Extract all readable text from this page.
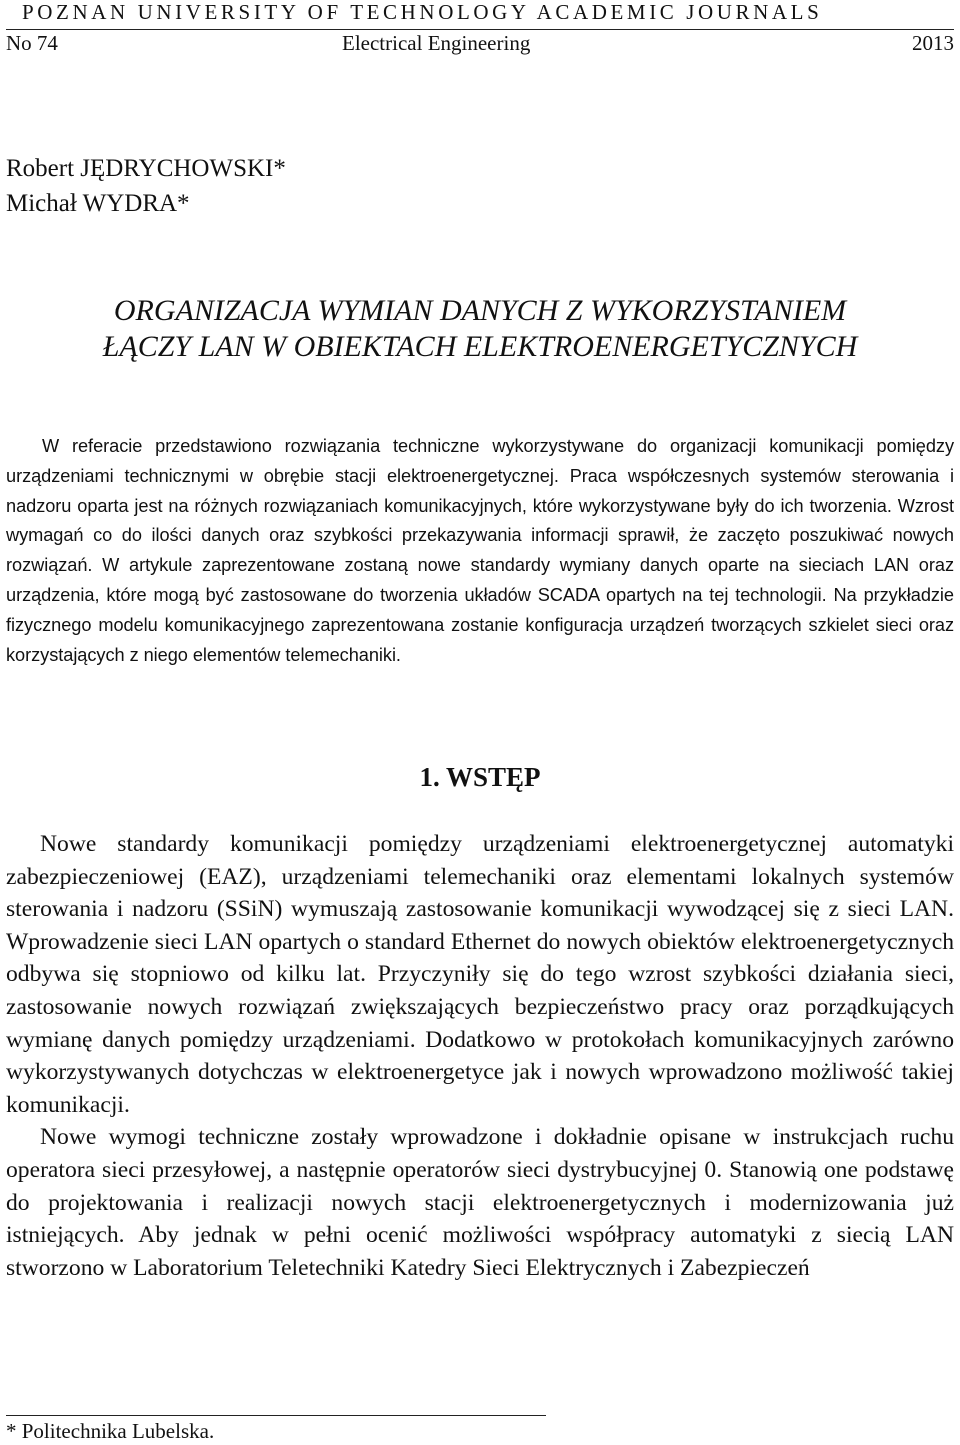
POZNAN UNIVERSITY OF TECHNOLOGY ACADEMIC JOURNALS
No 74	Electrical Engineering	2013
Robert JĘDRYCHOWSKI*
Michał WYDRA*
ORGANIZACJA WYMIAN DANYCH Z WYKORZYSTANIEM
ŁĄCZY LAN W OBIEKTACH ELEKTROENERGETYCZNYCH
W referacie przedstawiono rozwiązania techniczne wykorzystywane do organizacji komunikacji pomiędzy urządzeniami technicznymi w obrębie stacji elektroenergetycznej. Praca współczesnych systemów sterowania i nadzoru oparta jest na różnych rozwiązaniach komunikacyjnych, które wykorzystywane były do ich tworzenia. Wzrost wymagań co do ilości danych oraz szybkości przekazywania informacji sprawił, że zaczęto poszukiwać nowych rozwiązań. W artykule zaprezentowane zostaną nowe standardy wymiany danych oparte na sieciach LAN oraz urządzenia, które mogą być zastosowane do tworzenia układów SCADA opartych na tej technologii. Na przykładzie fizycznego modelu komunikacyjnego zaprezentowana zostanie konfiguracja urządzeń tworzących szkielet sieci oraz korzystających z niego elementów telemechaniki.
1. WSTĘP

Nowe standardy komunikacji pomiędzy urządzeniami elektroenergetycznej automatyki zabezpieczeniowej (EAZ), urządzeniami telemechaniki oraz elementami lokalnych systemów sterowania i nadzoru (SSiN) wymuszają zastosowanie komunikacji wywodzącej się z sieci LAN. Wprowadzenie sieci LAN opartych o standard Ethernet do nowych obiektów elektroenergetycznych odbywa się stopniowo od kilku lat. Przyczyniły się do tego wzrost szybkości działania sieci, zastosowanie nowych rozwiązań zwiększających bezpieczeństwo pracy oraz porządkujących wymianę danych pomiędzy urządzeniami. Dodatkowo w protokołach komunikacyjnych zarówno wykorzystywanych dotychczas w elektroenergetyce jak i nowych wprowadzono możliwość takiej komunikacji.

Nowe wymogi techniczne zostały wprowadzone i dokładnie opisane w instrukcjach ruchu operatora sieci przesyłowej, a następnie operatorów sieci dystrybucyjnej 0. Stanowią one podstawę do projektowania i realizacji nowych stacji elektroenergetycznych i modernizowania już istniejących. Aby jednak w pełni ocenić możliwości współpracy automatyki z siecią LAN stworzono w Laboratorium Teletechniki Katedry Sieci Elektrycznych i Zabezpieczeń

* Politechnika Lubelska.
